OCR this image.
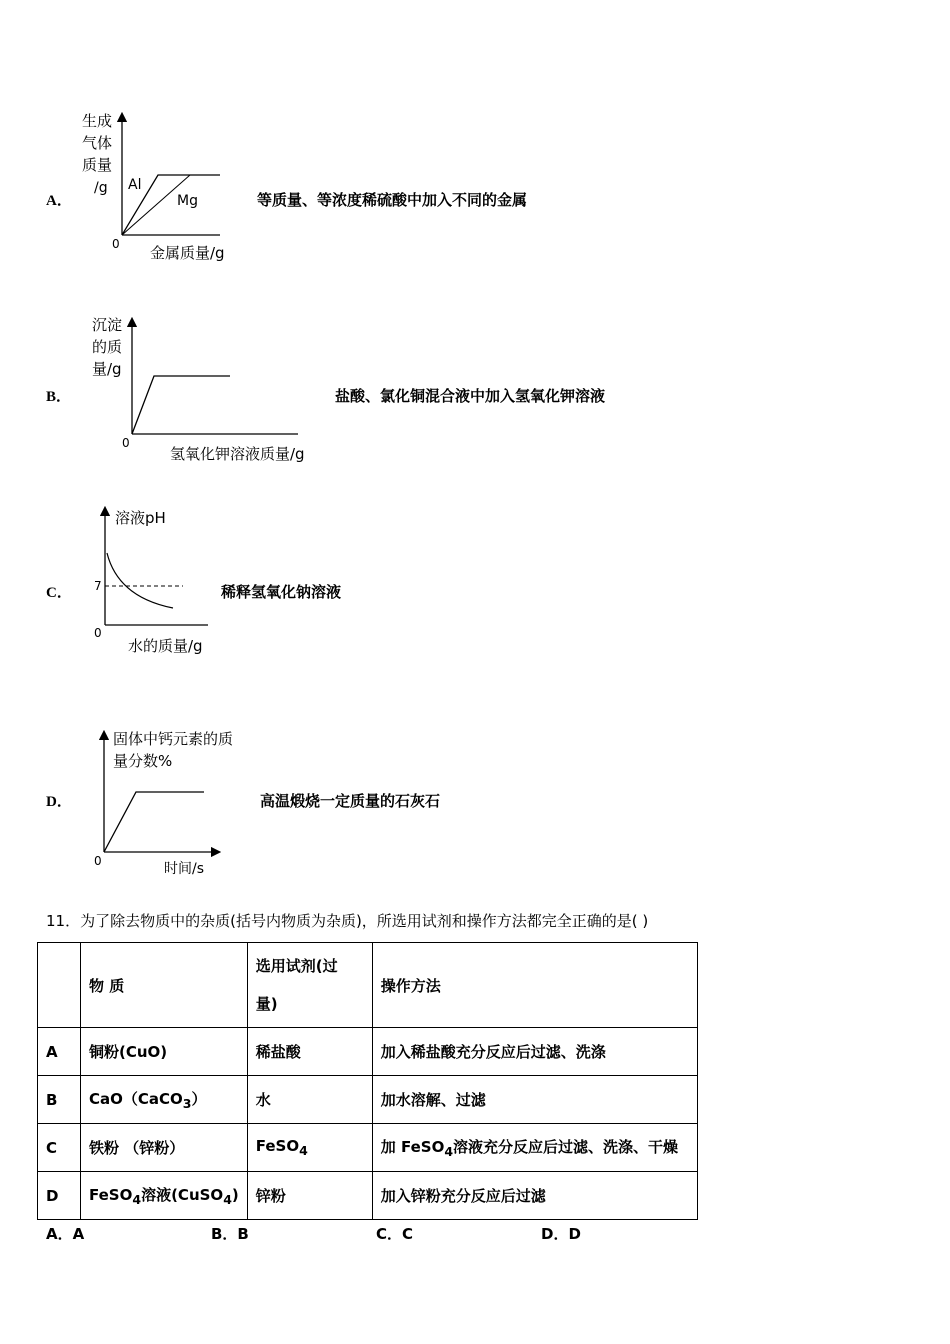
A．
生成
气体
质量
/g
0 金属质量/g
Al
Mg	等质量、等浓度稀硫酸中加入不同的金属
B．
沉淀
的质
量/g
0
氢氧化钾溶液质量/g
盐酸、氯化铜混合液中加入氢氧化钾溶液
C．
溶液pH
0
7
水的质量/g
稀释氢氧化钠溶液
D．
固体中钙元素的质
量分数%
0	时间/s
高温煅烧一定质量的石灰石
11．为了除去物质中的杂质(括号内物质为杂质)，所选用试剂和操作方法都完全正确的是( )
	物 质	选用试剂(过
量)	操作方法
A	铜粉(CuO)	稀盐酸	加入稀盐酸充分反应后过滤、洗涤
B	CaO（CaCO$_3$）	水	加水溶解、过滤
C	铁粉 （锌粉）	FeSO$_4$	加 FeSO$_4$溶液充分反应后过滤、洗涤、干燥
D	FeSO$_4$溶液(CuSO$_4$)	锌粉	加入锌粉充分反应后过滤
A．A	B．B	C．C	D．D
